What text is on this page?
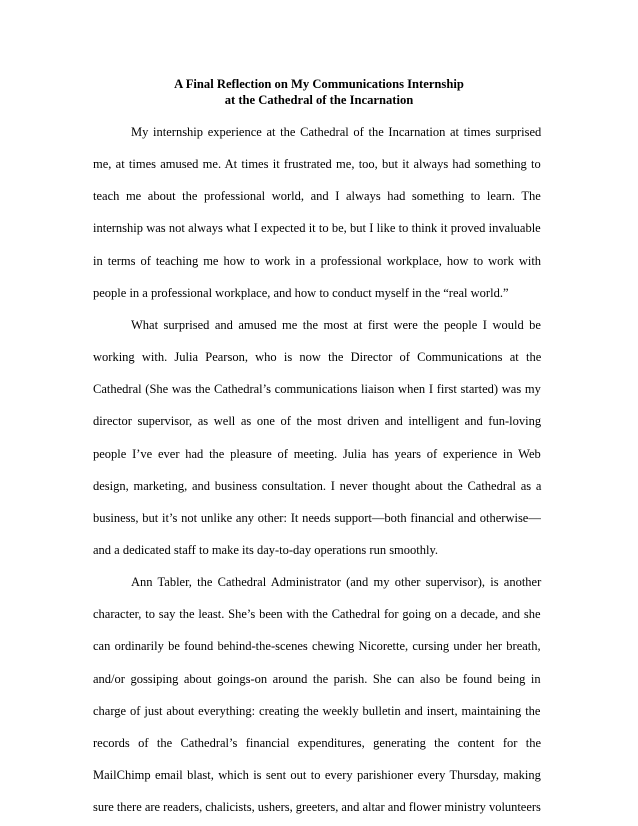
A Final Reflection on My Communications Internship
at the Cathedral of the Incarnation
My internship experience at the Cathedral of the Incarnation at times surprised
me, at times amused me. At times it frustrated me, too, but it always had something to
teach me about the professional world, and I always had something to learn. The
internship was not always what I expected it to be, but I like to think it proved invaluable
in terms of teaching me how to work in a professional workplace, how to work with
people in a professional workplace, and how to conduct myself in the “real world.”
What surprised and amused me the most at first were the people I would be
working with. Julia Pearson, who is now the Director of Communications at the
Cathedral (She was the Cathedral’s communications liaison when I first started) was my
director supervisor, as well as one of the most driven and intelligent and fun-loving
people I’ve ever had the pleasure of meeting. Julia has years of experience in Web
design, marketing, and business consultation. I never thought about the Cathedral as a
business, but it’s not unlike any other: It needs support—both financial and otherwise—
and a dedicated staff to make its day-to-day operations run smoothly.
Ann Tabler, the Cathedral Administrator (and my other supervisor), is another
character, to say the least. She’s been with the Cathedral for going on a decade, and she
can ordinarily be found behind-the-scenes chewing Nicorette, cursing under her breath,
and/or gossiping about goings-on around the parish. She can also be found being in
charge of just about everything: creating the weekly bulletin and insert, maintaining the
records of the Cathedral’s financial expenditures, generating the content for the
MailChimp email blast, which is sent out to every parishioner every Thursday, making
sure there are readers, chalicists, ushers, greeters, and altar and flower ministry volunteers
